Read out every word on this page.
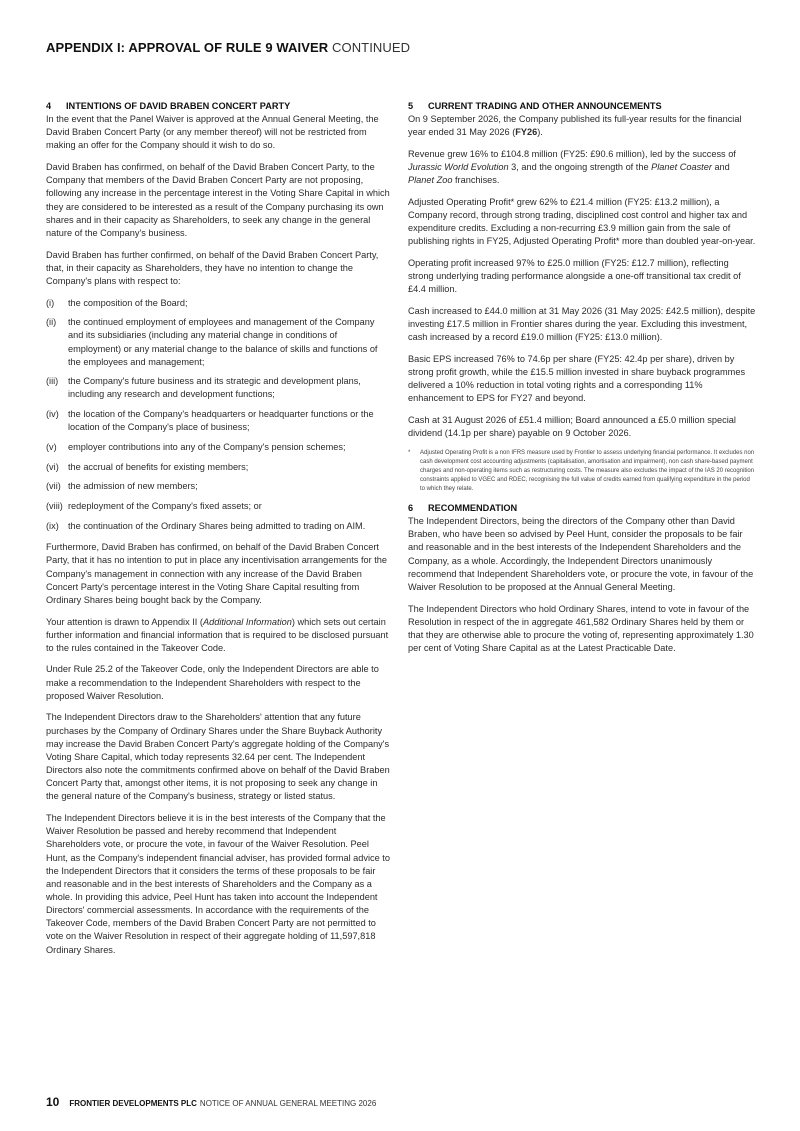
APPENDIX I: APPROVAL OF RULE 9 WAIVER CONTINUED
4 INTENTIONS OF DAVID BRABEN CONCERT PARTY

In the event that the Panel Waiver is approved at the Annual General Meeting, the David Braben Concert Party (or any member thereof) will not be restricted from making an offer for the Company should it wish to do so.

David Braben has confirmed, on behalf of the David Braben Concert Party, to the Company that members of the David Braben Concert Party are not proposing, following any increase in the percentage interest in the Voting Share Capital in which they are considered to be interested as a result of the Company purchasing its own shares and in their capacity as Shareholders, to seek any change in the general nature of the Company's business.

David Braben has further confirmed, on behalf of the David Braben Concert Party, that, in their capacity as Shareholders, they have no intention to change the Company's plans with respect to:

(i)	the composition of the Board;
(ii)	the continued employment of employees and management of the Company and its subsidiaries (including any material change in conditions of employment) or any material change to the balance of skills and functions of the employees and management;
(iii)	the Company's future business and its strategic and development plans, including any research and development functions;
(iv)	the location of the Company's headquarters or headquarter functions or the location of the Company's place of business;
(v)	employer contributions into any of the Company's pension schemes;
(vi)	the accrual of benefits for existing members;
(vii) the admission of new members;
(viii) redeployment of the Company's fixed assets; or
(ix)	the continuation of the Ordinary Shares being admitted to trading on AIM.

Furthermore, David Braben has confirmed, on behalf of the David Braben Concert Party, that it has no intention to put in place any incentivisation arrangements for the Company's management in connection with any increase of the David Braben Concert Party's percentage interest in the Voting Share Capital resulting from Ordinary Shares being bought back by the Company.

Your attention is drawn to Appendix II (Additional Information) which sets out certain further information and financial information that is required to be disclosed pursuant to the rules contained in the Takeover Code.

Under Rule 25.2 of the Takeover Code, only the Independent Directors are able to make a recommendation to the Independent Shareholders with respect to the proposed Waiver Resolution.

The Independent Directors draw to the Shareholders' attention that any future purchases by the Company of Ordinary Shares under the Share Buyback Authority may increase the David Braben Concert Party's aggregate holding of the Company's Voting Share Capital, which today represents 32.64 per cent. The Independent Directors also note the commitments confirmed above on behalf of the David Braben Concert Party that, amongst other items, it is not proposing to seek any change in the general nature of the Company's business, strategy or listed status.

The Independent Directors believe it is in the best interests of the Company that the Waiver Resolution be passed and hereby recommend that Independent Shareholders vote, or procure the vote, in favour of the Waiver Resolution. Peel Hunt, as the Company's independent financial adviser, has provided formal advice to the Independent Directors that it considers the terms of these proposals to be fair and reasonable and in the best interests of Shareholders and the Company as a whole. In providing this advice, Peel Hunt has taken into account the Independent Directors' commercial assessments. In accordance with the requirements of the Takeover Code, members of the David Braben Concert Party are not permitted to vote on the Waiver Resolution in respect of their aggregate holding of 11,597,818 Ordinary Shares.

5 CURRENT TRADING AND OTHER ANNOUNCEMENTS

On 9 September 2026, the Company published its full-year results for the financial year ended 31 May 2026 (FY26).

Revenue grew 16% to £104.8 million (FY25: £90.6 million), led by the success of Jurassic World Evolution 3, and the ongoing strength of the Planet Coaster and Planet Zoo franchises.

Adjusted Operating Profit* grew 62% to £21.4 million (FY25: £13.2 million), a Company record, through strong trading, disciplined cost control and higher tax and expenditure credits. Excluding a non-recurring £3.9 million gain from the sale of publishing rights in FY25, Adjusted Operating Profit* more than doubled year-on-year.

Operating profit increased 97% to £25.0 million (FY25: £12.7 million), reflecting strong underlying trading performance alongside a one-off transitional tax credit of £4.4 million.

Cash increased to £44.0 million at 31 May 2026 (31 May 2025: £42.5 million), despite investing £17.5 million in Frontier shares during the year. Excluding this investment, cash increased by a record £19.0 million (FY25: £13.0 million).

Basic EPS increased 76% to 74.6p per share (FY25: 42.4p per share), driven by strong profit growth, while the £15.5 million invested in share buyback programmes delivered a 10% reduction in total voting rights and a corresponding 11% enhancement to EPS for FY27 and beyond.

Cash at 31 August 2026 of £51.4 million; Board announced a £5.0 million special dividend (14.1p per share) payable on 9 October 2026.

*	Adjusted Operating Profit is a non IFRS measure used by Frontier to assess underlying financial performance. It excludes non cash development cost accounting adjustments (capitalisation, amortisation and impairment), non cash share-based payment charges and non-operating items such as restructuring costs. The measure also excludes the impact of the IAS 20 recognition constraints applied to VGEC and RDEC, recognising the full value of credits earned from qualifying expenditure in the period to which they relate.
6 RECOMMENDATION

The Independent Directors, being the directors of the Company other than David Braben, who have been so advised by Peel Hunt, consider the proposals to be fair and reasonable and in the best interests of the Independent Shareholders and the Company, as a whole. Accordingly, the Independent Directors unanimously recommend that Independent Shareholders vote, or procure the vote, in favour of the Waiver Resolution to be proposed at the Annual General Meeting.

The Independent Directors who hold Ordinary Shares, intend to vote in favour of the Resolution in respect of the in aggregate 461,582 Ordinary Shares held by them or that they are otherwise able to procure the voting of, representing approximately 1.30 per cent of Voting Share Capital as at the Latest Practicable Date.

10 FRONTIER DEVELOPMENTS PLC NOTICE OF ANNUAL GENERAL MEETING 2026
